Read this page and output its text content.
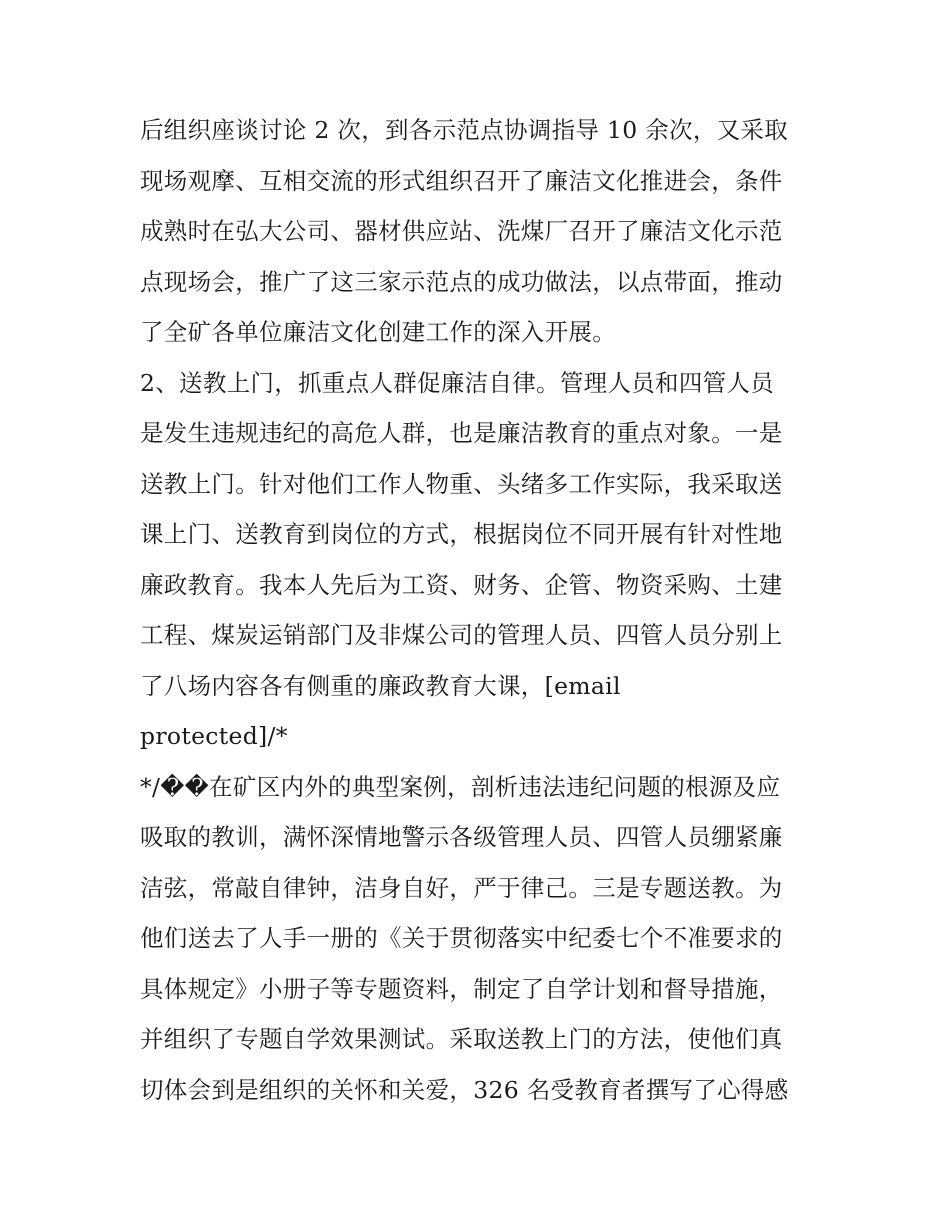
后组织座谈讨论 2 次，到各示范点协调指导 10 余次，又采取
现场观摩、互相交流的形式组织召开了廉洁文化推进会，条件
成熟时在弘大公司、器材供应站、洗煤厂召开了廉洁文化示范
点现场会，推广了这三家示范点的成功做法，以点带面，推动
了全矿各单位廉洁文化创建工作的深入开展。
2、送教上门，抓重点人群促廉洁自律。管理人员和四管人员
是发生违规违纪的高危人群，也是廉洁教育的重点对象。一是
送教上门。针对他们工作人物重、头绪多工作实际，我采取送
课上门、送教育到岗位的方式，根据岗位不同开展有针对性地
廉政教育。我本人先后为工资、财务、企管、物资采购、土建
工程、煤炭运销部门及非煤公司的管理人员、四管人员分别上
了八场内容各有侧重的廉政教育大课，[email
protected]/*
*/��在矿区内外的典型案例，剖析违法违纪问题的根源及应
吸取的教训，满怀深情地警示各级管理人员、四管人员绷紧廉
洁弦，常敲自律钟，洁身自好，严于律己。三是专题送教。为
他们送去了人手一册的《关于贯彻落实中纪委七个不准要求的
具体规定》小册子等专题资料，制定了自学计划和督导措施，
并组织了专题自学效果测试。采取送教上门的方法，使他们真
切体会到是组织的关怀和关爱，326 名受教育者撰写了心得感
